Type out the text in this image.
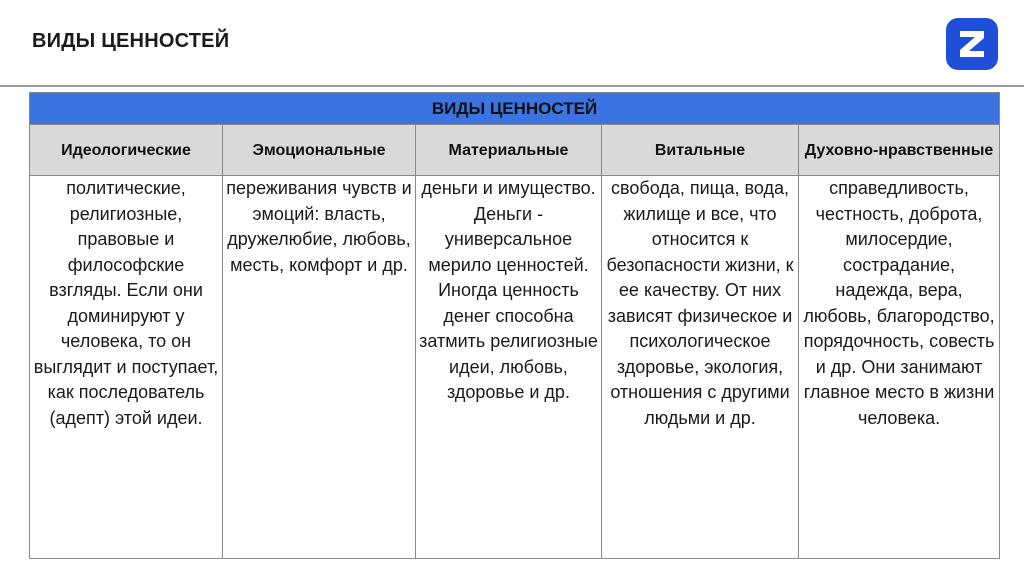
ВИДЫ ЦЕННОСТЕЙ
ВИДЫ ЦЕННОСТЕЙ				
Идеологические	Эмоциональные	Материальные	Витальные	Духовно-нравственные
политические, религиозные, правовые и философские взгляды. Если они доминируют у человека, то он выглядит и поступает, как последователь (адепт) этой идеи.	переживания чувств и эмоций: власть, дружелюбие, любовь, месть, комфорт и др.	деньги и имущество. Деньги - универсальное мерило ценностей. Иногда ценность денег способна затмить религиозные идеи, любовь, здоровье и др.	свобода, пища, вода, жилище и все, что относится к безопасности жизни, к ее качеству. От них зависят физическое и психологическое здоровье, экология, отношения с другими людьми и др.	справедливость, честность, доброта, милосердие, сострадание, надежда, вера, любовь, благородство, порядочность, совесть и др. Они занимают главное место в жизни человека.
